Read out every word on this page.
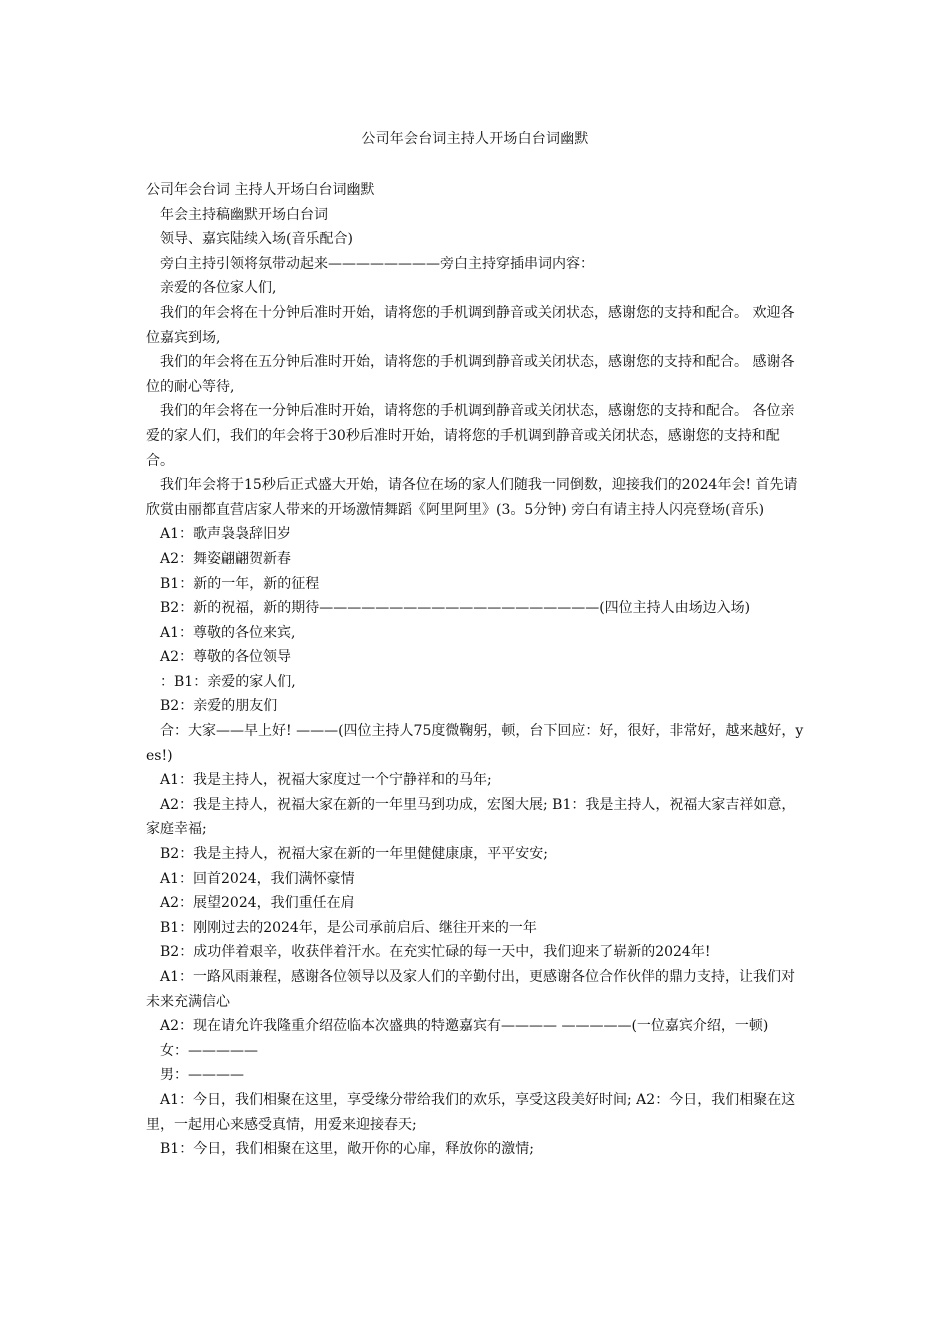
公司年会台词主持人开场白台词幽默

公司年会台词 主持人开场白台词幽默

年会主持稿幽默开场白台词

领导、嘉宾陆续入场(音乐配合)

旁白主持引领将氛带动起来————————旁白主持穿插串词内容：

亲爱的各位家人们,

我们的年会将在十分钟后准时开始，请将您的手机调到静音或关闭状态，感谢您的支持和配合。 欢迎各位嘉宾到场,

我们的年会将在五分钟后准时开始，请将您的手机调到静音或关闭状态，感谢您的支持和配合。 感谢各位的耐心等待,

我们的年会将在一分钟后准时开始，请将您的手机调到静音或关闭状态，感谢您的支持和配合。 各位亲爱的家人们，我们的年会将于30秒后准时开始，请将您的手机调到静音或关闭状态，感谢您的支持和配合。

我们年会将于15秒后正式盛大开始，请各位在场的家人们随我一同倒数，迎接我们的2024年会! 首先请欣赏由丽都直营店家人带来的开场激情舞蹈《阿里阿里》(3。5分钟) 旁白有请主持人闪亮登场(音乐)

A1：歌声袅袅辞旧岁

A2：舞姿翩翩贺新春

B1：新的一年，新的征程

B2：新的祝福，新的期待————————————————————(四位主持人由场边入场)

A1：尊敬的各位来宾,

A2：尊敬的各位领导

：B1：亲爱的家人们,

B2：亲爱的朋友们

合：大家——早上好! ———(四位主持人75度微鞠躬，顿，台下回应：好，很好，非常好，越来越好，yes!)

A1：我是主持人，祝福大家度过一个宁静祥和的马年;

A2：我是主持人，祝福大家在新的一年里马到功成，宏图大展; B1：我是主持人，祝福大家吉祥如意，家庭幸福;

B2：我是主持人，祝福大家在新的一年里健健康康，平平安安;

A1：回首2024，我们满怀豪情

A2：展望2024，我们重任在肩

B1：刚刚过去的2024年，是公司承前启后、继往开来的一年

B2：成功伴着艰辛，收获伴着汗水。在充实忙碌的每一天中，我们迎来了崭新的2024年!

A1：一路风雨兼程，感谢各位领导以及家人们的辛勤付出，更感谢各位合作伙伴的鼎力支持，让我们对未来充满信心

A2：现在请允许我隆重介绍莅临本次盛典的特邀嘉宾有———— —————(一位嘉宾介绍，一顿)

女：—————

男：————

A1：今日，我们相聚在这里，享受缘分带给我们的欢乐，享受这段美好时间; A2：今日，我们相聚在这里，一起用心来感受真情，用爱来迎接春天;

B1：今日，我们相聚在这里，敞开你的心扉，释放你的激情;
